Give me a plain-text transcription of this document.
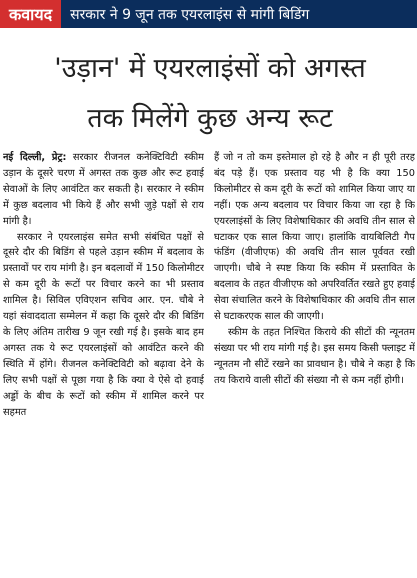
कवायद	सरकार ने 9 जून तक एयरलाइंस से मांगी बिडिंग
'उड़ान' में एयरलाइंसों को अगस्त
तक मिलेंगे कुछ अन्य रूट

नई दिल्ली, प्रेट्र: सरकार रीजनल कनेक्टिविटी स्कीम उड़ान के दूसरे चरण में अगस्त तक कुछ और रूट हवाई सेवाओं के लिए आवंटित कर सकती है। सरकार ने स्कीम में कुछ बदलाव भी किये हैं और सभी जुड़े पक्षों से राय मांगी है।

सरकार ने एयरलाइंस समेत सभी संबंधित पक्षों से दूसरे दौर की बिडिंग से पहले उड़ान स्कीम में बदलाव के प्रस्तावों पर राय मांगी है। इन बदलावों में 150 किलोमीटर से कम दूरी के रूटों पर विचार करने का भी प्रस्ताव शामिल है। सिविल एविएशन सचिव आर. एन. चौबे ने यहां संवाददाता सम्मेलन में कहा कि दूसरे दौर की बिडिंग के लिए अंतिम तारीख 9 जून रखी गई है। इसके बाद हम अगस्त तक ये रूट एयरलाइंसों को आवंटित करने की स्थिति में होंगे। रीजनल कनेक्टिविटी को बढ़ावा देने के लिए सभी पक्षों से पूछा गया है कि क्या वे ऐसे दो हवाई अड्डों के बीच के रूटों को स्कीम में शामिल करने पर सहमत

हैं जो न तो कम इस्तेमाल हो रहे है और न ही पूरी तरह बंद पड़े हैं। एक प्रस्ताव यह भी है कि क्या 150 किलोमीटर से कम दूरी के रूटों को शामिल किया जाए या नहीं। एक अन्य बदलाव पर विचार किया जा रहा है कि एयरलाइंसों के लिए विशेषाधिकार की अवधि तीन साल से घटाकर एक साल किया जाए। हालांकि वायबिलिटी गैप फंडिंग (वीजीएफ) की अवधि तीन साल पूर्ववत रखी जाएगी। चौबे ने स्पष्ट किया कि स्कीम में प्रस्तावित के बदलाव के तहत वीजीएफ को अपरिवर्तित रखते हुए हवाई सेवा संचालित करने के विशेषाधिकार की अवधि तीन साल से घटाकरएक साल की जाएगी।

स्कीम के तहत निश्चित किराये की सीटों की न्यूनतम संख्या पर भी राय मांगी गई है। इस समय किसी फ्लाइट में न्यूनतम नौ सीटें रखने का प्रावधान है। चौबे ने कहा है कि तय किराये वाली सीटों की संख्या नौ से कम नहीं होगी।
